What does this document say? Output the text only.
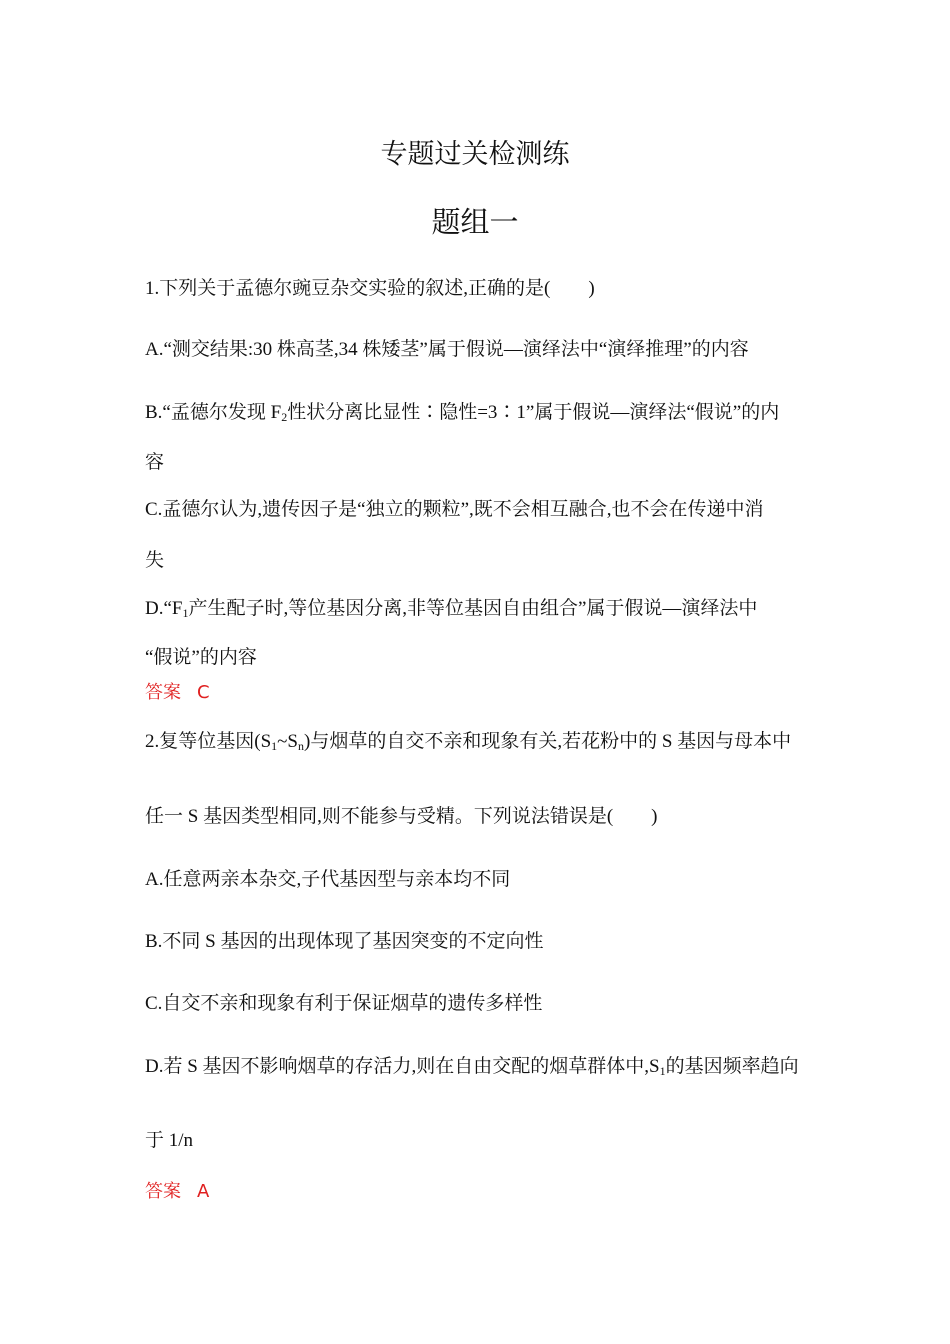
专题过关检测练
题组一
1.下列关于孟德尔豌豆杂交实验的叙述,正确的是(　　)
A.“测交结果:30 株高茎,34 株矮茎”属于假说—演绎法中“演绎推理”的内容
B.“孟德尔发现 $F_2$性状分离比显性∶隐性=3∶1”属于假说—演绎法“假说”的内
容
C.孟德尔认为,遗传因子是“独立的颗粒”,既不会相互融合,也不会在传递中消
失
$D.“F_1$产生配子时,等位基因分离,非等位基因自由组合”属于假说—演绎法中
“假说”的内容
答案 C
2.复等位基因$(S_1\sim S_n)$与烟草的自交不亲和现象有关,若花粉中的 S 基因与母本中
任一 S 基因类型相同,则不能参与受精。下列说法错误是(　　)
A.任意两亲本杂交,子代基因型与亲本均不同
B.不同 S 基因的出现体现了基因突变的不定向性
C.自交不亲和现象有利于保证烟草的遗传多样性
D.若 S 基因不影响烟草的存活力,则在自由交配的烟草群体中$,S_1$的基因频率趋向
于 1/n
答案 A
